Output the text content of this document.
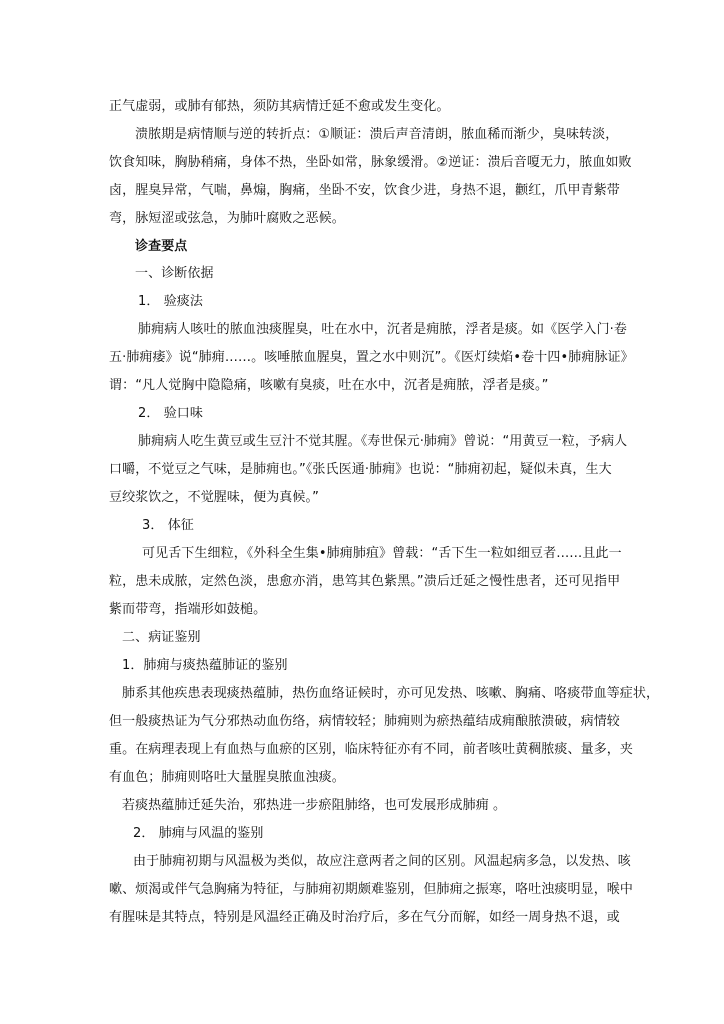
正气虚弱，或肺有郁热，须防其病情迁延不愈或发生变化。
溃脓期是病情顺与逆的转折点：①顺证：溃后声音清朗，脓血稀而渐少，臭味转淡，
饮食知味，胸胁稍痛，身体不热，坐卧如常，脉象缓滑。②逆证：溃后音嗄无力，脓血如败
卤，腥臭异常，气喘，鼻煽，胸痛，坐卧不安，饮食少进，身热不退，颧红，爪甲青紫带
弯，脉短涩或弦急，为肺叶腐败之恶候。
诊查要点
一、诊断依据
1． 验痰法
肺痈病人咳吐的脓血浊痰腥臭，吐在水中，沉者是痈脓，浮者是痰。如《医学入门·卷
五·肺痈痿》说“肺痈……。咳唾脓血腥臭，置之水中则沉”。《医灯续焰•卷十四•肺痈脉证》
谓：“凡人觉胸中隐隐痛，咳嗽有臭痰，吐在水中，沉者是痈脓，浮者是痰。”
2． 验口味
肺痈病人吃生黄豆或生豆汁不觉其腥。《寿世保元·肺痈》曾说：“用黄豆一粒，予病人
口嚼，不觉豆之气味，是肺痈也。”《张氏医通·肺痈》也说：“肺痈初起，疑似未真，生大
豆绞浆饮之，不觉腥味，便为真候。”
3． 体征
可见舌下生细粒，《外科全生集•肺痈肺疽》曾载：“舌下生一粒如细豆者……且此一
粒，患未成脓，定然色淡，患愈亦消，患笃其色紫黑。”溃后迁延之慢性患者，还可见指甲
紫而带弯，指端形如鼓槌。
二、病证鉴别
1．肺痈与痰热蕴肺证的鉴别
肺系其他疾患表现痰热蕴肺，热伤血络证候时，亦可见发热、咳嗽、胸痛、咯痰带血等症状，
但一般痰热证为气分邪热动血伤络，病情较轻；肺痈则为瘀热蕴结成痈酿脓溃破，病情较
重。在病理表现上有血热与血瘀的区别，临床特征亦有不同，前者咳吐黄稠脓痰、量多，夹
有血色；肺痈则咯吐大量腥臭脓血浊痰。
若痰热蕴肺迁延失治，邪热进一步瘀阻肺络，也可发展形成肺痈 。
2． 肺痈与风温的鉴别
由于肺痈初期与风温极为类似，故应注意两者之间的区别。风温起病多急，以发热、咳
嗽、烦渴或伴气急胸痛为特征，与肺痈初期颇难鉴别，但肺痈之振寒，咯吐浊痰明显，喉中
有腥味是其特点，特别是风温经正确及时治疗后，多在气分而解，如经一周身热不退，或
